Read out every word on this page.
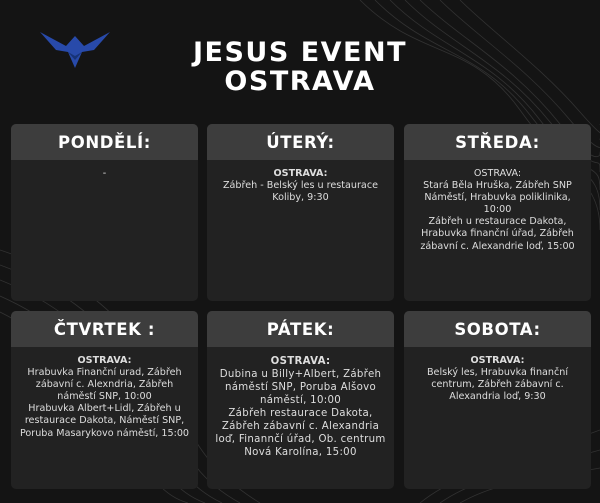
JESUS EVENT
OSTRAVA
PONDĚLÍ:
-
ÚTERÝ:
OSTRAVA:
Zábřeh - Belský les u restaurace Koliby, 9:30
STŘEDA:
OSTRAVA:
Stará Běla Hruška, Zábřeh SNP Náměstí, Hrabuvka poliklinika, 10:00
Zábřeh u restaurace Dakota, Hrabuvka finanční úřad, Zábřeh zábavní c. Alexandrie loď, 15:00
ČTVRTEK :
OSTRAVA:
Hrabuvka Finanční urad, Zábřeh zábavní c. Alexndria, Zábřeh náměstí SNP, 10:00
Hrabuvka Albert+Lidl, Zábřeh u restaurace Dakota, Náměstí SNP, Poruba Masarykovo náměstí, 15:00
PÁTEK:
OSTRAVA:
Dubina u Billy+Albert, Zábřeh náměstí SNP, Poruba Alšovo náměstí, 10:00
Zábřeh restaurace Dakota, Zábřeh zábavní c. Alexandria loď, Finannčí úřad, Ob. centrum Nová Karolína, 15:00
SOBOTA:
OSTRAVA:
Belský les, Hrabuvka finanční centrum, Zábřeh zábavní c. Alexandria loď, 9:30
